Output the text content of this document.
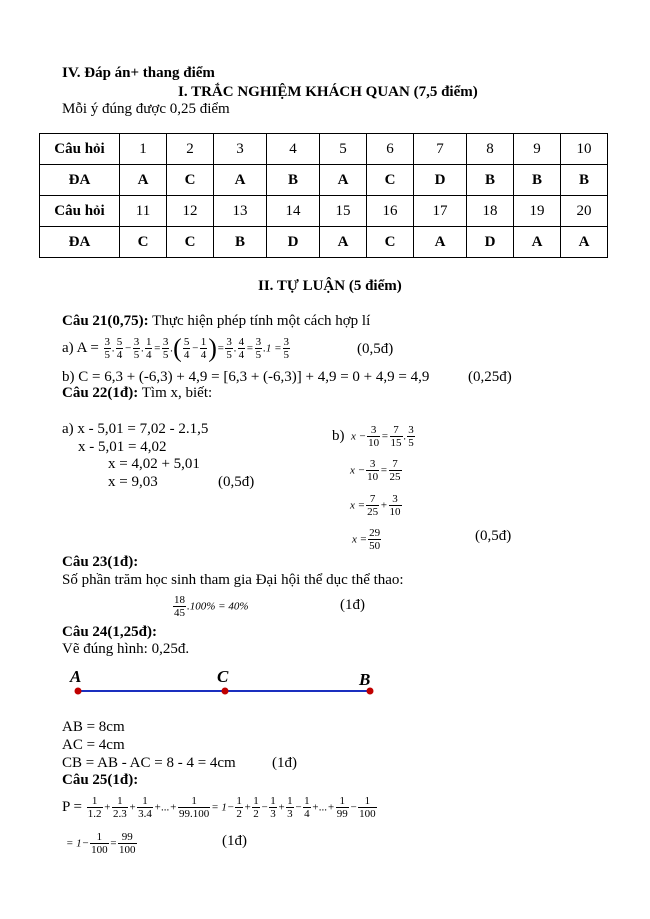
IV. Đáp án+ thang điểm
I. TRẮC NGHIỆM KHÁCH QUAN (7,5 điểm)
Mỗi ý đúng được 0,25 điểm
Câu hỏi	1	2	3	4	5	6	7	8	9	10
ĐA	A	C	A	B	A	C	D	B	B	B
Câu hỏi	11	12	13	14	15	16	17	18	19	20
ĐA	C	C	B	D	A	C	A	D	A	A
II. TỰ LUẬN (5 điểm)
Câu 21(0,75): Thực hiện phép tính một cách hợp lí
a) $A = \frac{3}{5}$ . $\frac{5}{4} - \frac{3}{5}$ . $\frac{1}{4} = \frac{3}{5}$ .( $\frac{5}{4} - \frac{1}{4}$ )= $\frac{3}{5}$ . $\frac{4}{4} = \frac{3}{5} .1 = \frac{3}{5}$	(0,5đ)
b) C = 6,3 + (-6,3) + 4,9 = [6,3 + (-6,3)] + 4,9 = 0 + 4,9 = 4,9	(0,25đ)
Câu 22(1đ): Tìm x, biết:
a) x - 5,01 = 7,02 - 2.1,5
x - 5,01 = 4,02
x = 4,02 + 5,01
x = 9,03	(0,5đ)
b)  $x - \frac{3}{10} = \frac{7}{15}$ . $\frac{3}{5}$
$x - \frac{3}{10} = \frac{7}{25}$
$x = \frac{7}{25} + \frac{3}{10}$
$x = \frac{29}{50}$	(0,5đ)
Câu 23(1đ):
Số phần trăm học sinh tham gia Đại hội thể dục thể thao:
$\frac{18}{45} .100\% = 40\%$	(1đ)
Câu 24(1,25đ):
Vẽ đúng hình: 0,25đ.
A	C	B
AB = 8cm
AC = 4cm
CB = AB - AC = 8 - 4 = 4cm (1đ)
Câu 25(1đ):
$P = \frac{1}{1.2} + \frac{1}{2.3} + \frac{1}{3.4}$ +...+ $\frac{1}{99.100} = 1- \frac{1}{2} + \frac{1}{2} - \frac{1}{3} + \frac{1}{3} - \frac{1}{4}$ +...+ $\frac{1}{99} - \frac{1}{100}$
= $1- \frac{1}{100} = \frac{99}{100}$	(1đ)
